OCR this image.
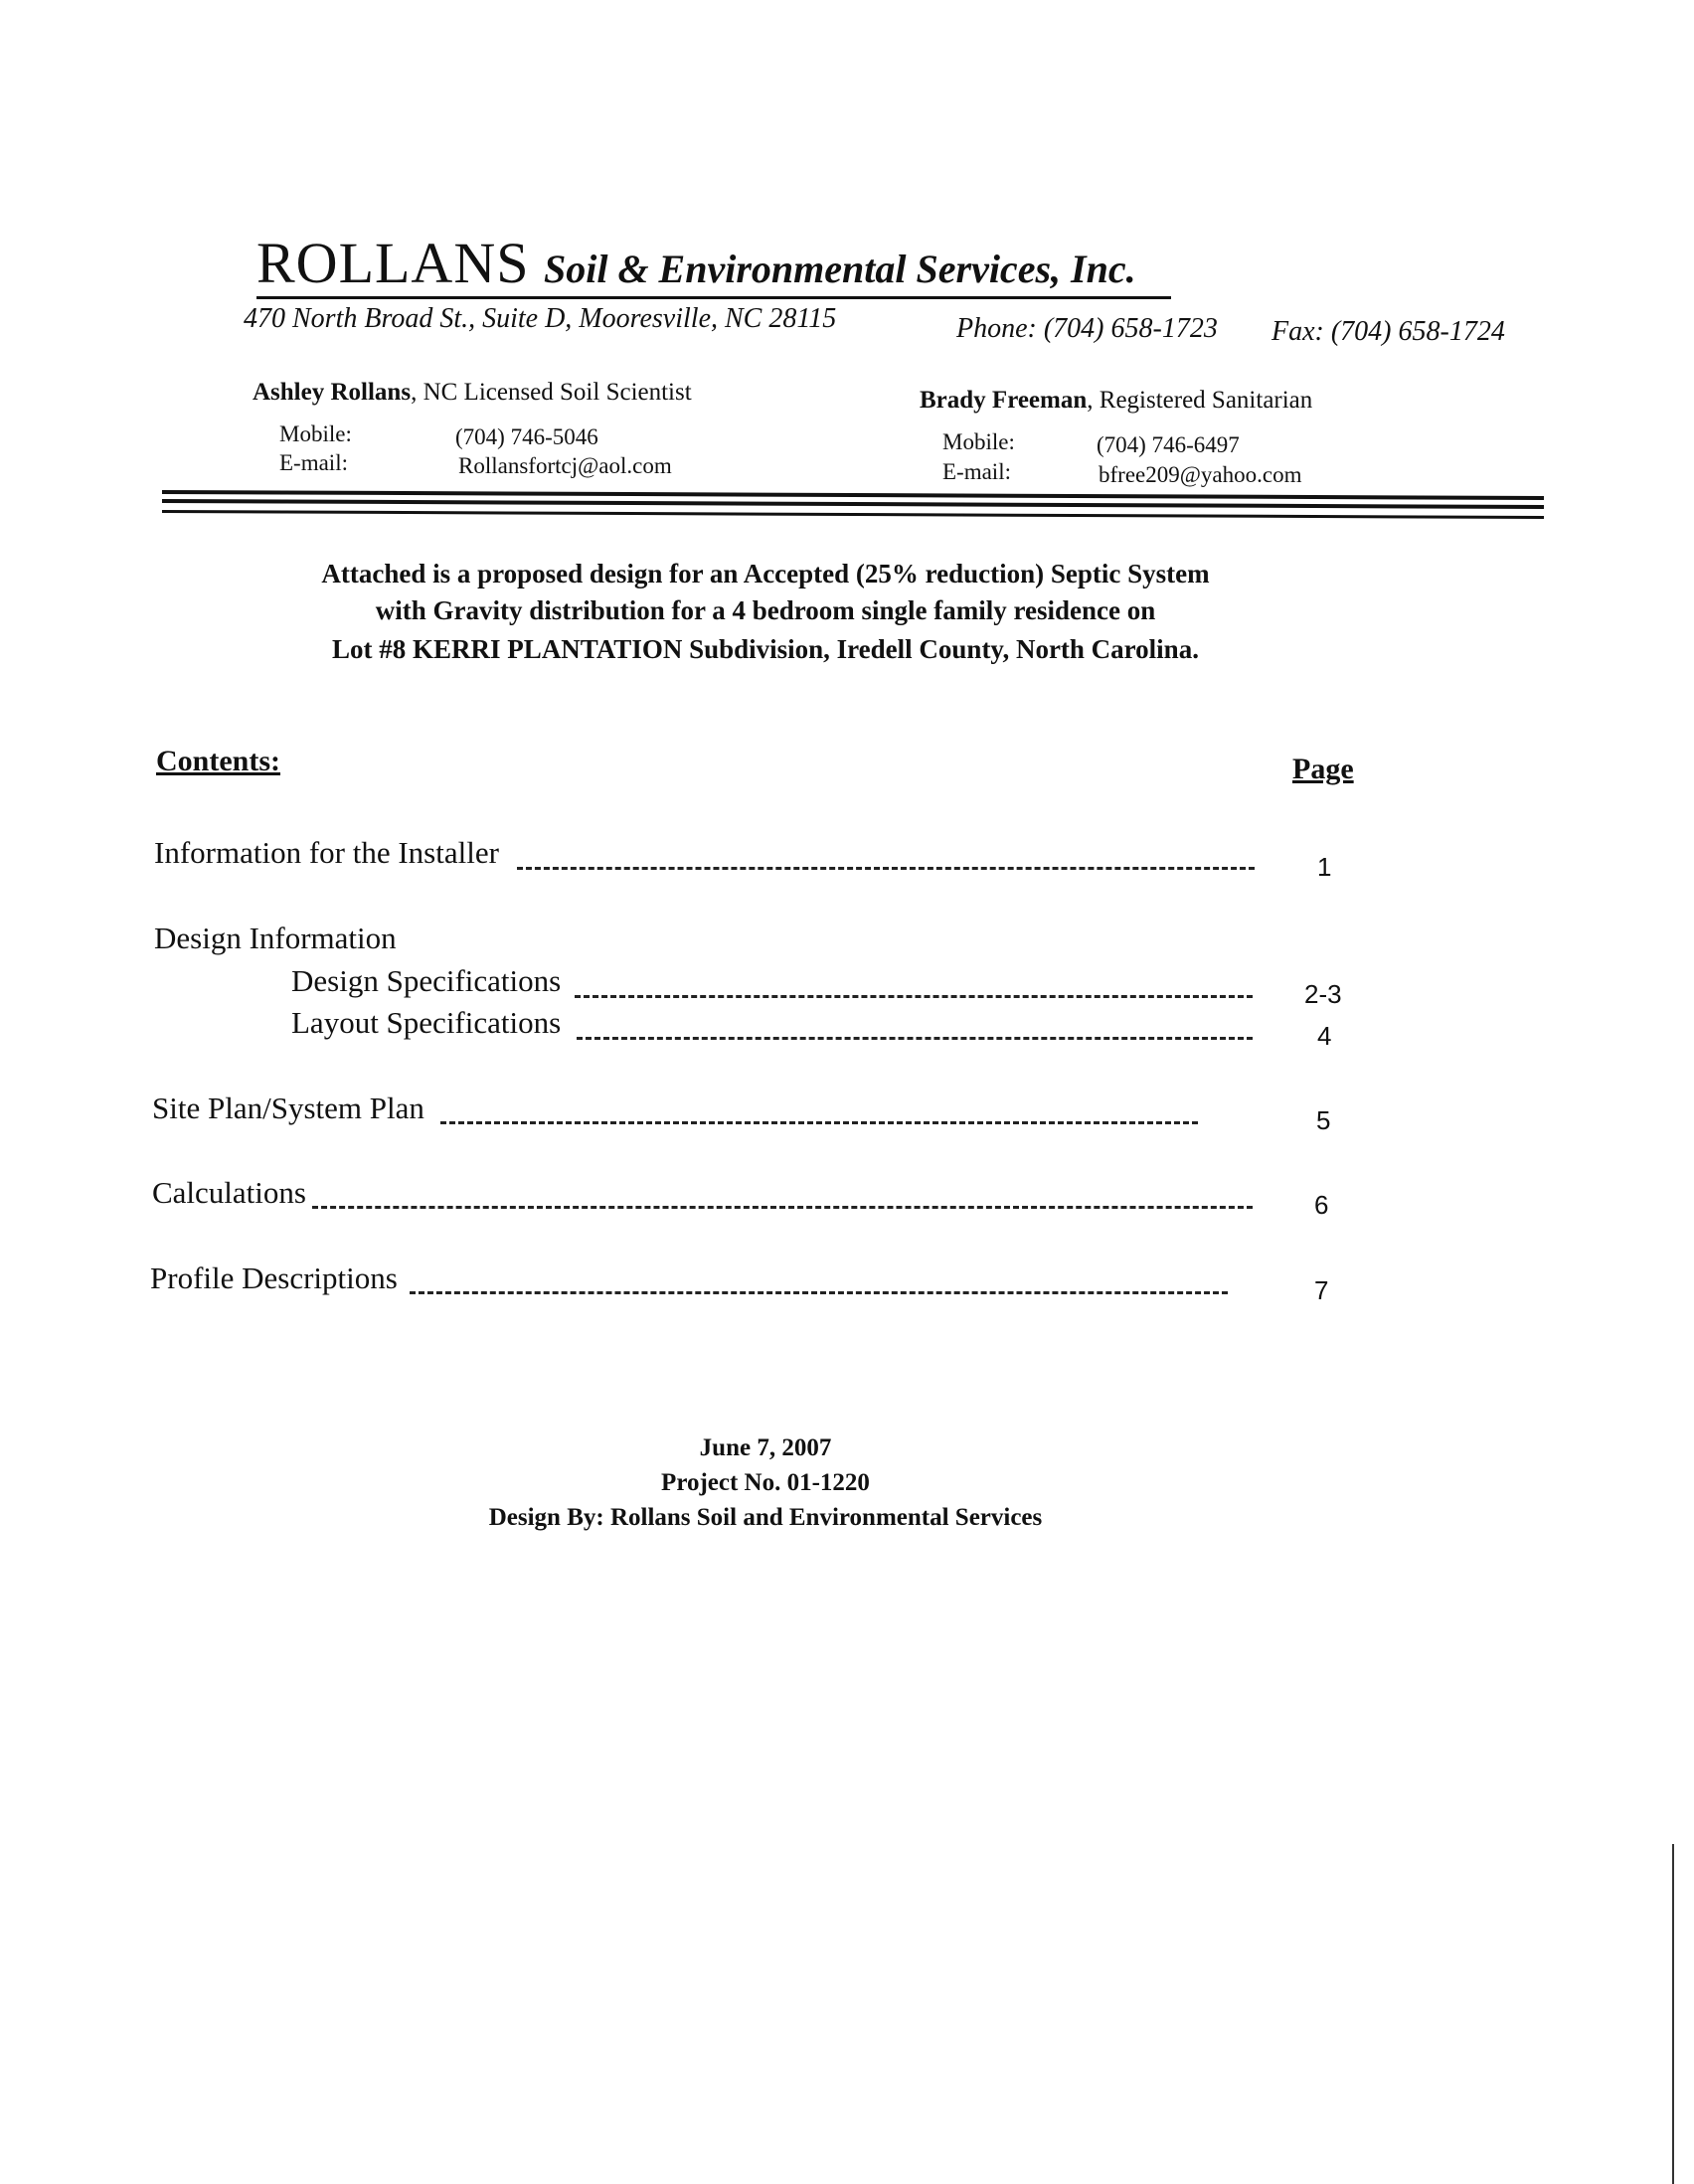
ROLLANS Soil & Environmental Services, Inc.
470 North Broad St., Suite D, Mooresville, NC 28115	Phone: (704) 658-1723 Fax: (704) 658-1724
Ashley Rollans, NC Licensed Soil Scientist
Mobile:	(704) 746-5046
E-mail:	Rollansfortcj@aol.com
Brady Freeman, Registered Sanitarian
Mobile:	(704) 746-6497
E-mail:	bfree209@yahoo.com
Attached is a proposed design for an Accepted (25% reduction) Septic System
with Gravity distribution for a 4 bedroom single family residence on
Lot #8 KERRI PLANTATION Subdivision, Iredell County, North Carolina.
Contents:	Page
Information for the Installer	1
Design Information
Design Specifications	2-3
Layout Specifications	4
Site Plan/System Plan	5
Calculations	6
Profile Descriptions	7
June 7, 2007
Project No. 01-1220
Design By: Rollans Soil and Environmental Services
